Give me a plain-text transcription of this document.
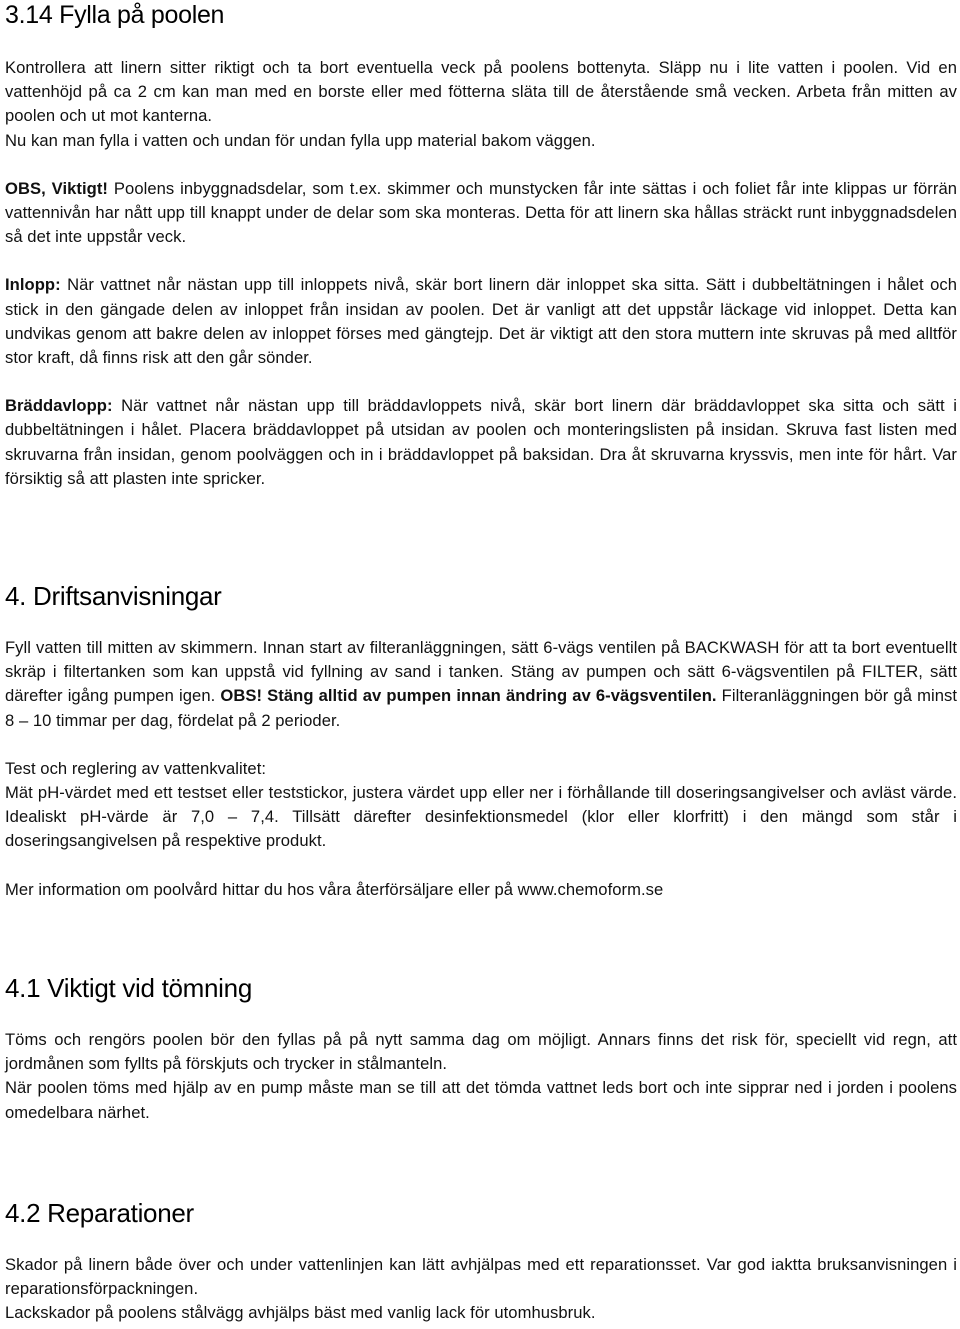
3.14 Fylla på poolen

Kontrollera att linern sitter riktigt och ta bort eventuella veck på poolens bottenyta. Släpp nu i lite vatten i poolen. Vid en vattenhöjd på ca 2 cm kan man med en borste eller med fötterna släta till de återstående små vecken. Arbeta från mitten av poolen och ut mot kanterna.

Nu kan man fylla i vatten och undan för undan fylla upp material bakom väggen.

OBS, Viktigt! Poolens inbyggnadsdelar, som t.ex. skimmer och munstycken får inte sättas i och foliet får inte klippas ur förrän vattennivån har nått upp till knappt under de delar som ska monteras. Detta för att linern ska hållas sträckt runt inbyggnadsdelen så det inte uppstår veck.

Inlopp: När vattnet når nästan upp till inloppets nivå, skär bort linern där inloppet ska sitta. Sätt i dubbeltätningen i hålet och stick in den gängade delen av inloppet från insidan av poolen. Det är vanligt att det uppstår läckage vid inloppet. Detta kan undvikas genom att bakre delen av inloppet förses med gängtejp. Det är viktigt att den stora muttern inte skruvas på med alltför stor kraft, då finns risk att den går sönder.

Bräddavlopp: När vattnet når nästan upp till bräddavloppets nivå, skär bort linern där bräddavloppet ska sitta och sätt i dubbeltätningen i hålet. Placera bräddavloppet på utsidan av poolen och monteringslisten på insidan. Skruva fast listen med skruvarna från insidan, genom poolväggen och in i bräddavloppet på baksidan. Dra åt skruvarna kryssvis, men inte för hårt. Var försiktig så att plasten inte spricker.

4. Driftsanvisningar

Fyll vatten till mitten av skimmern. Innan start av filteranläggningen, sätt 6-vägs ventilen på BACKWASH för att ta bort eventuellt skräp i filtertanken som kan uppstå vid fyllning av sand i tanken. Stäng av pumpen och sätt 6-vägsventilen på FILTER, sätt därefter igång pumpen igen. OBS! Stäng alltid av pumpen innan ändring av 6-vägsventilen. Filteranläggningen bör gå minst 8 – 10 timmar per dag, fördelat på 2 perioder.

Test och reglering av vattenkvalitet:

Mät pH-värdet med ett testset eller teststickor, justera värdet upp eller ner i förhållande till doseringsangivelser och avläst värde. Idealiskt pH-värde är 7,0 – 7,4. Tillsätt därefter desinfektionsmedel (klor eller klorfritt) i den mängd som står i doseringsangivelsen på respektive produkt.

Mer information om poolvård hittar du hos våra återförsäljare eller på www.chemoform.se

4.1 Viktigt vid tömning

Töms och rengörs poolen bör den fyllas på på nytt samma dag om möjligt. Annars finns det risk för, speciellt vid regn, att jordmånen som fyllts på förskjuts och trycker in stålmanteln.

När poolen töms med hjälp av en pump måste man se till att det tömda vattnet leds bort och inte sipprar ned i jorden i poolens omedelbara närhet.

4.2 Reparationer

Skador på linern både över och under vattenlinjen kan lätt avhjälpas med ett reparationsset. Var god iakttа bruksanvisningen i reparationsförpackningen.

Lackskador på poolens stålvägg avhjälps bäst med vanlig lack för utomhusbruk.
